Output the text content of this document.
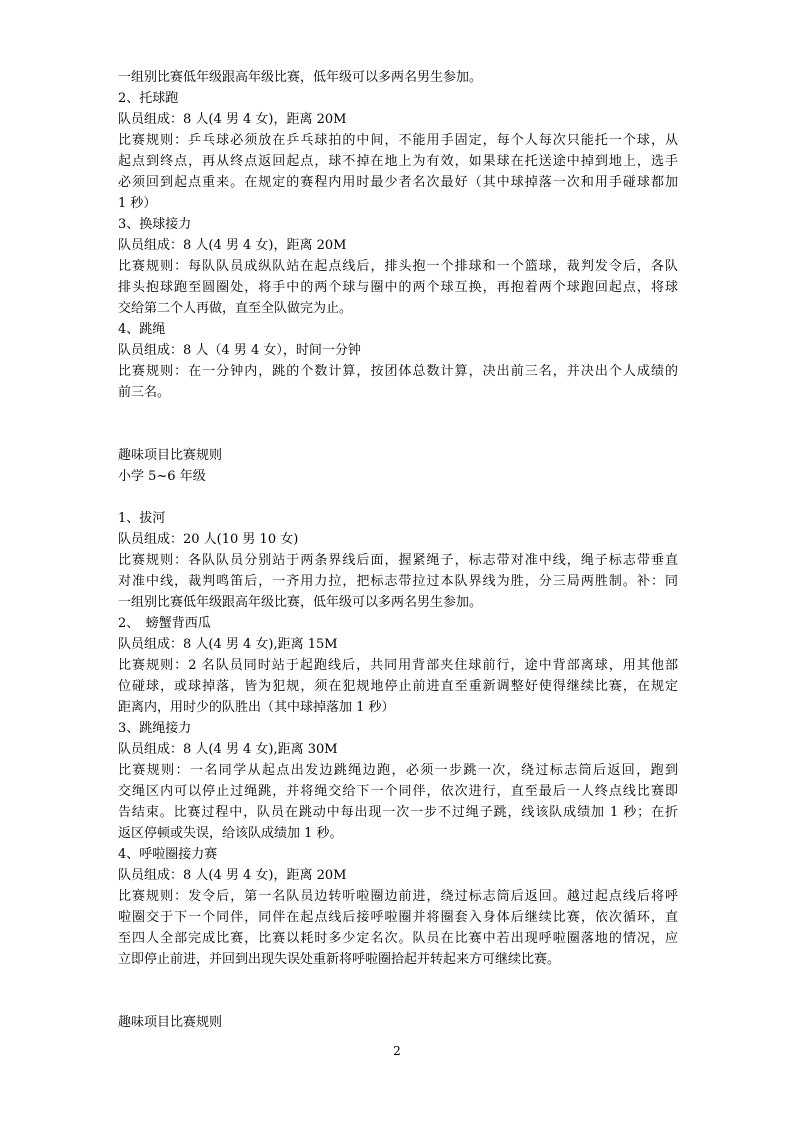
一组别比赛低年级跟高年级比赛，低年级可以多两名男生参加。
2、托球跑
队员组成：8 人(4 男 4 女)，距离 20M
比赛规则：乒乓球必须放在乒乓球拍的中间，不能用手固定，每个人每次只能托一个球，从
起点到终点，再从终点返回起点，球不掉在地上为有效，如果球在托送途中掉到地上，选手
必须回到起点重来。在规定的赛程内用时最少者名次最好（其中球掉落一次和用手碰球都加
1 秒）
3、换球接力
队员组成：8 人(4 男 4 女)，距离 20M
比赛规则：每队队员成纵队站在起点线后，排头抱一个排球和一个篮球，裁判发令后，各队
排头抱球跑至圆圈处，将手中的两个球与圈中的两个球互换，再抱着两个球跑回起点，将球
交给第二个人再做，直至全队做完为止。
4、跳绳
队员组成：8 人（4 男 4 女），时间一分钟
比赛规则：在一分钟内，跳的个数计算，按团体总数计算，决出前三名，并决出个人成绩的
前三名。
趣味项目比赛规则
小学 5~6 年级
1、拔河
队员组成：20 人(10 男 10 女)
比赛规则：各队队员分别站于两条界线后面，握紧绳子，标志带对准中线，绳子标志带垂直
对准中线，裁判鸣笛后，一齐用力拉，把标志带拉过本队界线为胜，分三局两胜制。补：同
一组别比赛低年级跟高年级比赛，低年级可以多两名男生参加。
2、　螃蟹背西瓜
队员组成：8 人(4 男 4 女),距离 15M
比赛规则：2 名队员同时站于起跑线后，共同用背部夹住球前行，途中背部离球，用其他部
位碰球，或球掉落，皆为犯规，须在犯规地停止前进直至重新调整好使得继续比赛，在规定
距离内，用时少的队胜出（其中球掉落加 1 秒）
3、跳绳接力
队员组成：8 人(4 男 4 女),距离 30M
比赛规则：一名同学从起点出发边跳绳边跑，必须一步跳一次，绕过标志筒后返回，跑到
交绳区内可以停止过绳跳，并将绳交给下一个同伴，依次进行，直至最后一人终点线比赛即
告结束。比赛过程中，队员在跳动中每出现一次一步不过绳子跳，线该队成绩加 1 秒；在折
返区停顿或失误，给该队成绩加 1 秒。
4、呼啦圈接力赛
队员组成：8 人(4 男 4 女)，距离 20M
比赛规则：发令后，第一名队员边转听啦圈边前进，绕过标志筒后返回。越过起点线后将呼
啦圈交于下一个同伴，同伴在起点线后接呼啦圈并将圈套入身体后继续比赛，依次循环，直
至四人全部完成比赛，比赛以耗时多少定名次。队员在比赛中若出现呼啦圈落地的情况，应
立即停止前进，并回到出现失误处重新将呼啦圈拾起并转起来方可继续比赛。
趣味项目比赛规则
2
